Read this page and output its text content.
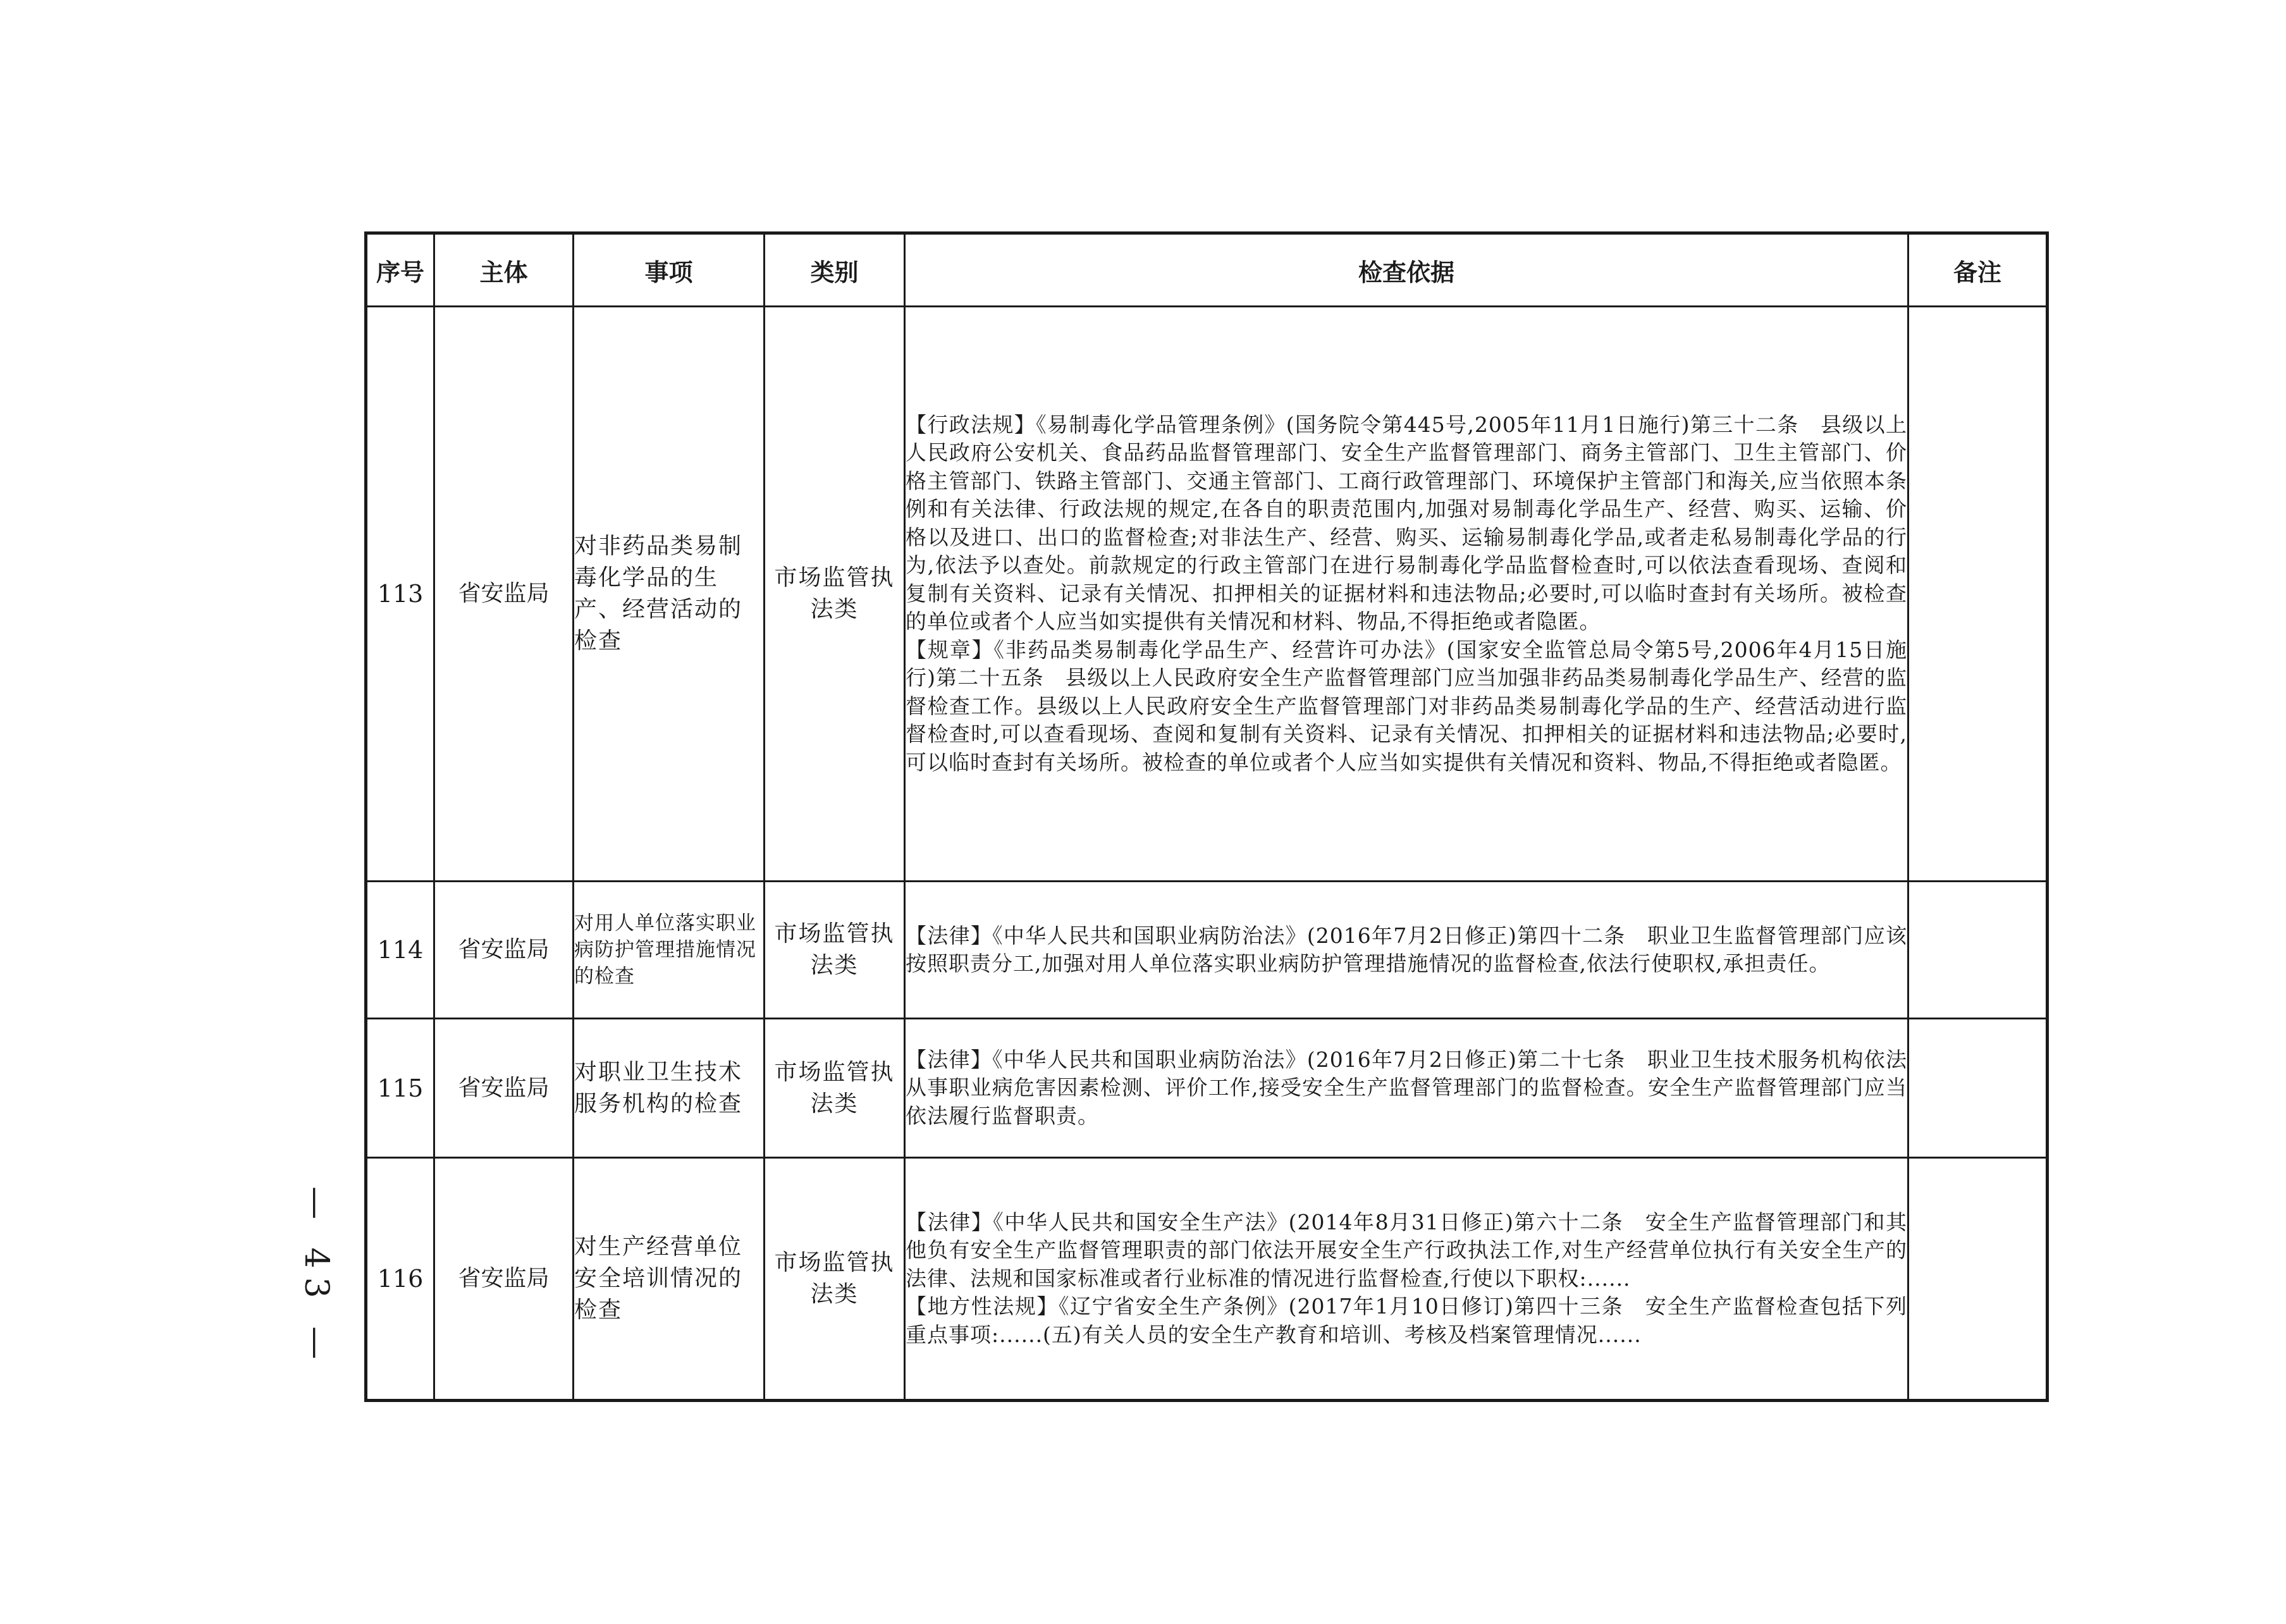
序号	主体	事项	类别	检查依据	备注
113	省安监局	对非药品类易制毒化学品的生产、经营活动的检查	市场监管执法类	【行政法规】《易制毒化学品管理条例》(国务院令第445号,2005年11月1日施行)第三十二条　县级以上人民政府公安机关、食品药品监督管理部门、安全生产监督管理部门、商务主管部门、卫生主管部门、价格主管部门、铁路主管部门、交通主管部门、工商行政管理部门、环境保护主管部门和海关,应当依照本条例和有关法律、行政法规的规定,在各自的职责范围内,加强对易制毒化学品生产、经营、购买、运输、价格以及进口、出口的监督检查;对非法生产、经营、购买、运输易制毒化学品,或者走私易制毒化学品的行为,依法予以查处。前款规定的行政主管部门在进行易制毒化学品监督检查时,可以依法查看现场、查阅和复制有关资料、记录有关情况、扣押相关的证据材料和违法物品;必要时,可以临时查封有关场所。被检查的单位或者个人应当如实提供有关情况和材料、物品,不得拒绝或者隐匿。

【规章】《非药品类易制毒化学品生产、经营许可办法》(国家安全监管总局令第5号,2006年4月15日施行)第二十五条　县级以上人民政府安全生产监督管理部门应当加强非药品类易制毒化学品生产、经营的监督检查工作。县级以上人民政府安全生产监督管理部门对非药品类易制毒化学品的生产、经营活动进行监督检查时,可以查看现场、查阅和复制有关资料、记录有关情况、扣押相关的证据材料和违法物品;必要时,可以临时查封有关场所。被检查的单位或者个人应当如实提供有关情况和资料、物品,不得拒绝或者隐匿。	

114	省安监局	对用人单位落实职业病防护管理措施情况的检查	市场监管执法类	【法律】《中华人民共和国职业病防治法》(2016年7月2日修正)第四十二条　职业卫生监督管理部门应该按照职责分工,加强对用人单位落实职业病防护管理措施情况的监督检查,依法行使职权,承担责任。	

115	省安监局	对职业卫生技术服务机构的检查	市场监管执法类	【法律】《中华人民共和国职业病防治法》(2016年7月2日修正)第二十七条　职业卫生技术服务机构依法从事职业病危害因素检测、评价工作,接受安全生产监督管理部门的监督检查。安全生产监督管理部门应当依法履行监督职责。	

116	省安监局	对生产经营单位安全培训情况的检查	市场监管执法类	【法律】《中华人民共和国安全生产法》(2014年8月31日修正)第六十二条　安全生产监督管理部门和其他负有安全生产监督管理职责的部门依法开展安全生产行政执法工作,对生产经营单位执行有关安全生产的法律、法规和国家标准或者行业标准的情况进行监督检查,行使以下职权:......

【地方性法规】《辽宁省安全生产条例》(2017年1月10日修订)第四十三条　安全生产监督检查包括下列重点事项:......(五)有关人员的安全生产教育和培训、考核及档案管理情况......	

— 43 —
